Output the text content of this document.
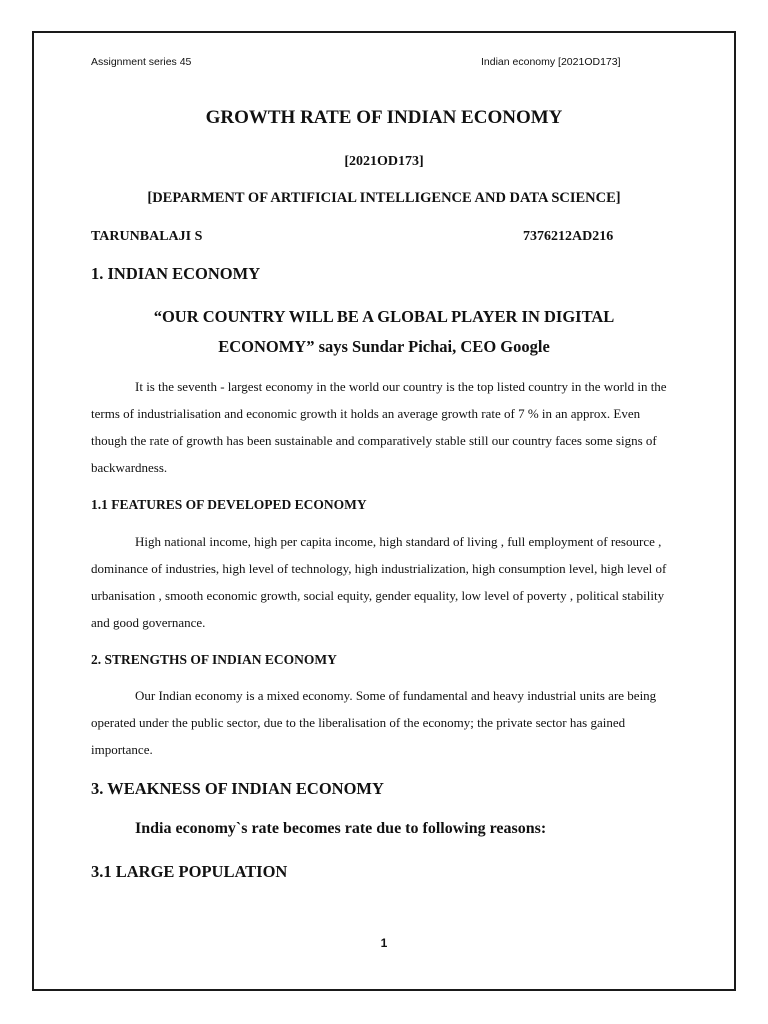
Assignment series 45	Indian economy [2021OD173]
GROWTH RATE OF INDIAN ECONOMY
[2021OD173]
[DEPARMENT OF ARTIFICIAL INTELLIGENCE AND DATA SCIENCE]
TARUNBALAJI S	7376212AD216
1. INDIAN ECONOMY
“OUR COUNTRY WILL BE A GLOBAL PLAYER IN DIGITAL
ECONOMY” says Sundar Pichai, CEO Google

It is the seventh - largest economy in the world our country is the top listed country in the world in the terms of industrialisation and economic growth it holds an average growth rate of 7 % in an approx. Even though the rate of growth has been sustainable and comparatively stable still our country faces some signs of backwardness.

1.1 FEATURES OF DEVELOPED ECONOMY

High national income, high per capita income, high standard of living , full employment of resource , dominance of industries, high level of technology, high industrialization, high consumption level, high level of urbanisation , smooth economic growth, social equity, gender equality, low level of poverty , political stability and good governance.

2. STRENGTHS OF INDIAN ECONOMY

Our Indian economy is a mixed economy. Some of fundamental and heavy industrial units are being operated under the public sector, due to the liberalisation of the economy; the private sector has gained importance.

3. WEAKNESS OF INDIAN ECONOMY
India economy`s rate becomes rate due to following reasons:
3.1 LARGE POPULATION
1
